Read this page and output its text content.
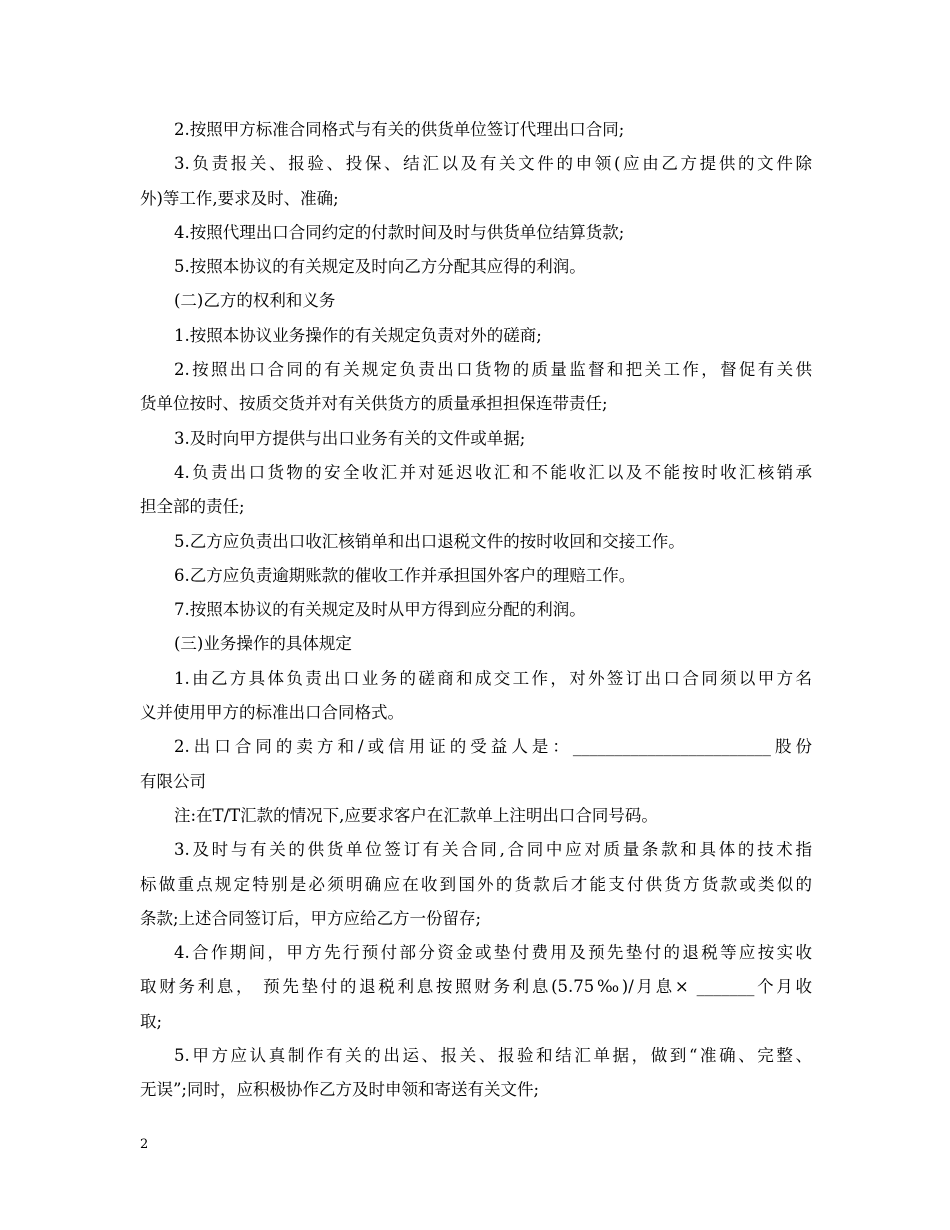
2.按照甲方标准合同格式与有关的供货单位签订代理出口合同;
3.负责报关、报验、投保、结汇以及有关文件的申领(应由乙方提供的文件除
外)等工作,要求及时、准确;
4.按照代理出口合同约定的付款时间及时与供货单位结算货款;
5.按照本协议的有关规定及时向乙方分配其应得的利润。
(二)乙方的权利和义务
1.按照本协议业务操作的有关规定负责对外的磋商;
2.按照出口合同的有关规定负责出口货物的质量监督和把关工作，督促有关供
货单位按时、按质交货并对有关供货方的质量承担担保连带责任;
3.及时向甲方提供与出口业务有关的文件或单据;
4.负责出口货物的安全收汇并对延迟收汇和不能收汇以及不能按时收汇核销承
担全部的责任;
5.乙方应负责出口收汇核销单和出口退税文件的按时收回和交接工作。
6.乙方应负责逾期账款的催收工作并承担国外客户的理赔工作。
7.按照本协议的有关规定及时从甲方得到应分配的利润。
(三)业务操作的具体规定
1.由乙方具体负责出口业务的磋商和成交工作，对外签订出口合同须以甲方名
义并使用甲方的标准出口合同格式。
2.出口合同的卖方和/或信用证的受益人是：________________________股份
有限公司
注:在T/T汇款的情况下,应要求客户在汇款单上注明出口合同号码。
3.及时与有关的供货单位签订有关合同,合同中应对质量条款和具体的技术指
标做重点规定特别是必须明确应在收到国外的货款后才能支付供货方货款或类似的
条款;上述合同签订后，甲方应给乙方一份留存;
4.合作期间，甲方先行预付部分资金或垫付费用及预先垫付的退税等应按实收
取财务利息， 预先垫付的退税利息按照财务利息(5.75‰)/月息× _______个月收
取;
5.甲方应认真制作有关的出运、报关、报验和结汇单据，做到“准确、完整、
无误”;同时，应积极协作乙方及时申领和寄送有关文件;
2
